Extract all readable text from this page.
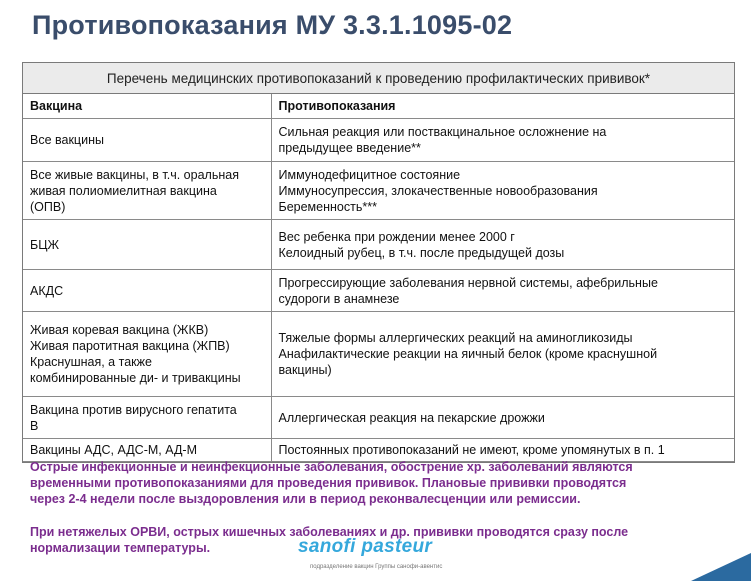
Противопоказания МУ 3.3.1.1095-02
Перечень медицинских противопоказаний к проведению профилактических прививок*
Вакцина	Противопоказания

Все вакцины	Сильная реакция или поствакцинальное осложнение на
предыдущее введение**

Все живые вакцины, в т.ч. оральная
живая полиомиелитная вакцина
(ОПВ)	Иммунодефицитное состояние
Иммуносупрессия, злокачественные новообразования
Беременность***

БЦЖ	Вес ребенка при рождении менее 2000 г
Келоидный рубец, в т.ч. после предыдущей дозы

АКДС	Прогрессирующие заболевания нервной системы, афебрильные
судороги в анамнезе

Живая коревая вакцина (ЖКВ)
Живая паротитная вакцина (ЖПВ)
Краснушная, а также
комбинированные ди- и тривакцины	Тяжелые формы аллергических реакций на аминогликозиды
Анафилактические реакции на яичный белок (кроме краснушной
вакцины)

Вакцина против вирусного гепатита
В	Аллергическая реакция на пекарские дрожжи

Вакцины АДС, АДС-М, АД-М	Постоянных противопоказаний не имеют, кроме упомянутых в п. 1
Острые инфекционные и неинфекционные заболевания, обострение хр. заболеваний являются
временными противопоказаниями для проведения прививок. Плановые прививки проводятся
через 2-4 недели после выздоровления или в период реконвалесценции или ремиссии.
При нетяжелых ОРВИ, острых кишечных заболеваниях и др. прививки проводятся сразу после
нормализации температуры.	sanofi pasteur
подразделение вакцин Группы санофи-авентис
